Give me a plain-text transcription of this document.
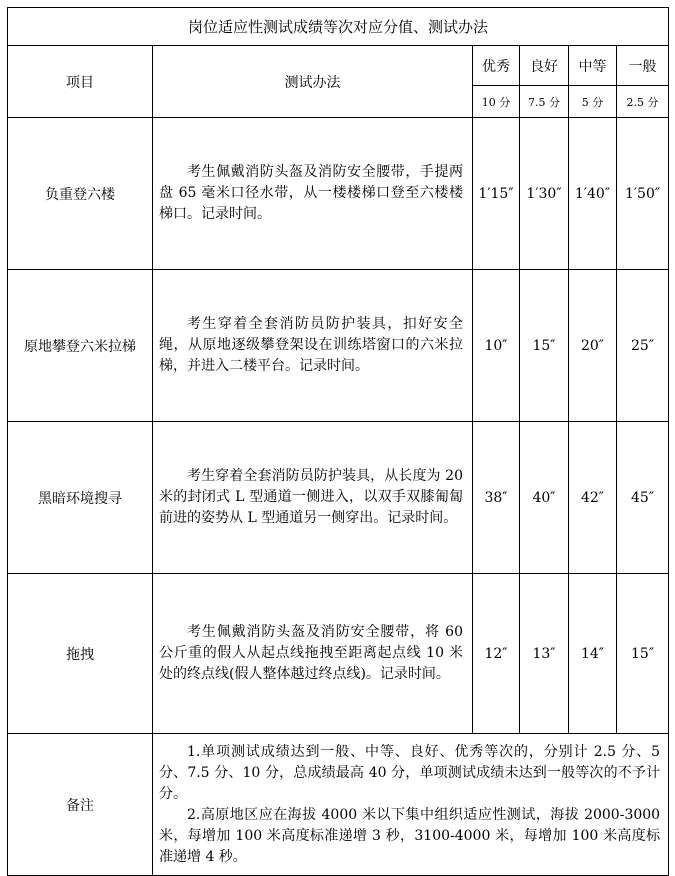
岗位适应性测试成绩等次对应分值、测试办法					
项目	测试办法	优秀	良好	中等	一般
		10 分	7.5 分	5 分	2.5 分
负重登六楼	考生佩戴消防头盔及消防安全腰带，手提两盘 65 毫米口径水带，从一楼楼梯口登至六楼楼梯口。记录时间。	1′15″	1′30″	1′40″	1′50″
原地攀登六米拉梯	考生穿着全套消防员防护装具，扣好安全绳，从原地逐级攀登架设在训练塔窗口的六米拉梯，并进入二楼平台。记录时间。	10″	15″	20″	25″
黑暗环境搜寻	考生穿着全套消防员防护装具，从长度为 20 米的封闭式 L 型通道一侧进入，以双手双膝匍匐前进的姿势从 L 型通道另一侧穿出。记录时间。	38″	40″	42″	45″
拖拽	考生佩戴消防头盔及消防安全腰带，将 60 公斤重的假人从起点线拖拽至距离起点线 10 米处的终点线(假人整体越过终点线)。记录时间。	12″	13″	14″	15″
备注	1.单项测试成绩达到一般、中等、良好、优秀等次的，分别计 2.5 分、5 分、7.5 分、10 分，总成绩最高 40 分，单项测试成绩未达到一般等次的不予计分。

2.高原地区应在海拔 4000 米以下集中组织适应性测试，海拔 2000-3000 米，每增加 100 米高度标准递增 3 秒，3100-4000 米，每增加 100 米高度标准递增 4 秒。				
